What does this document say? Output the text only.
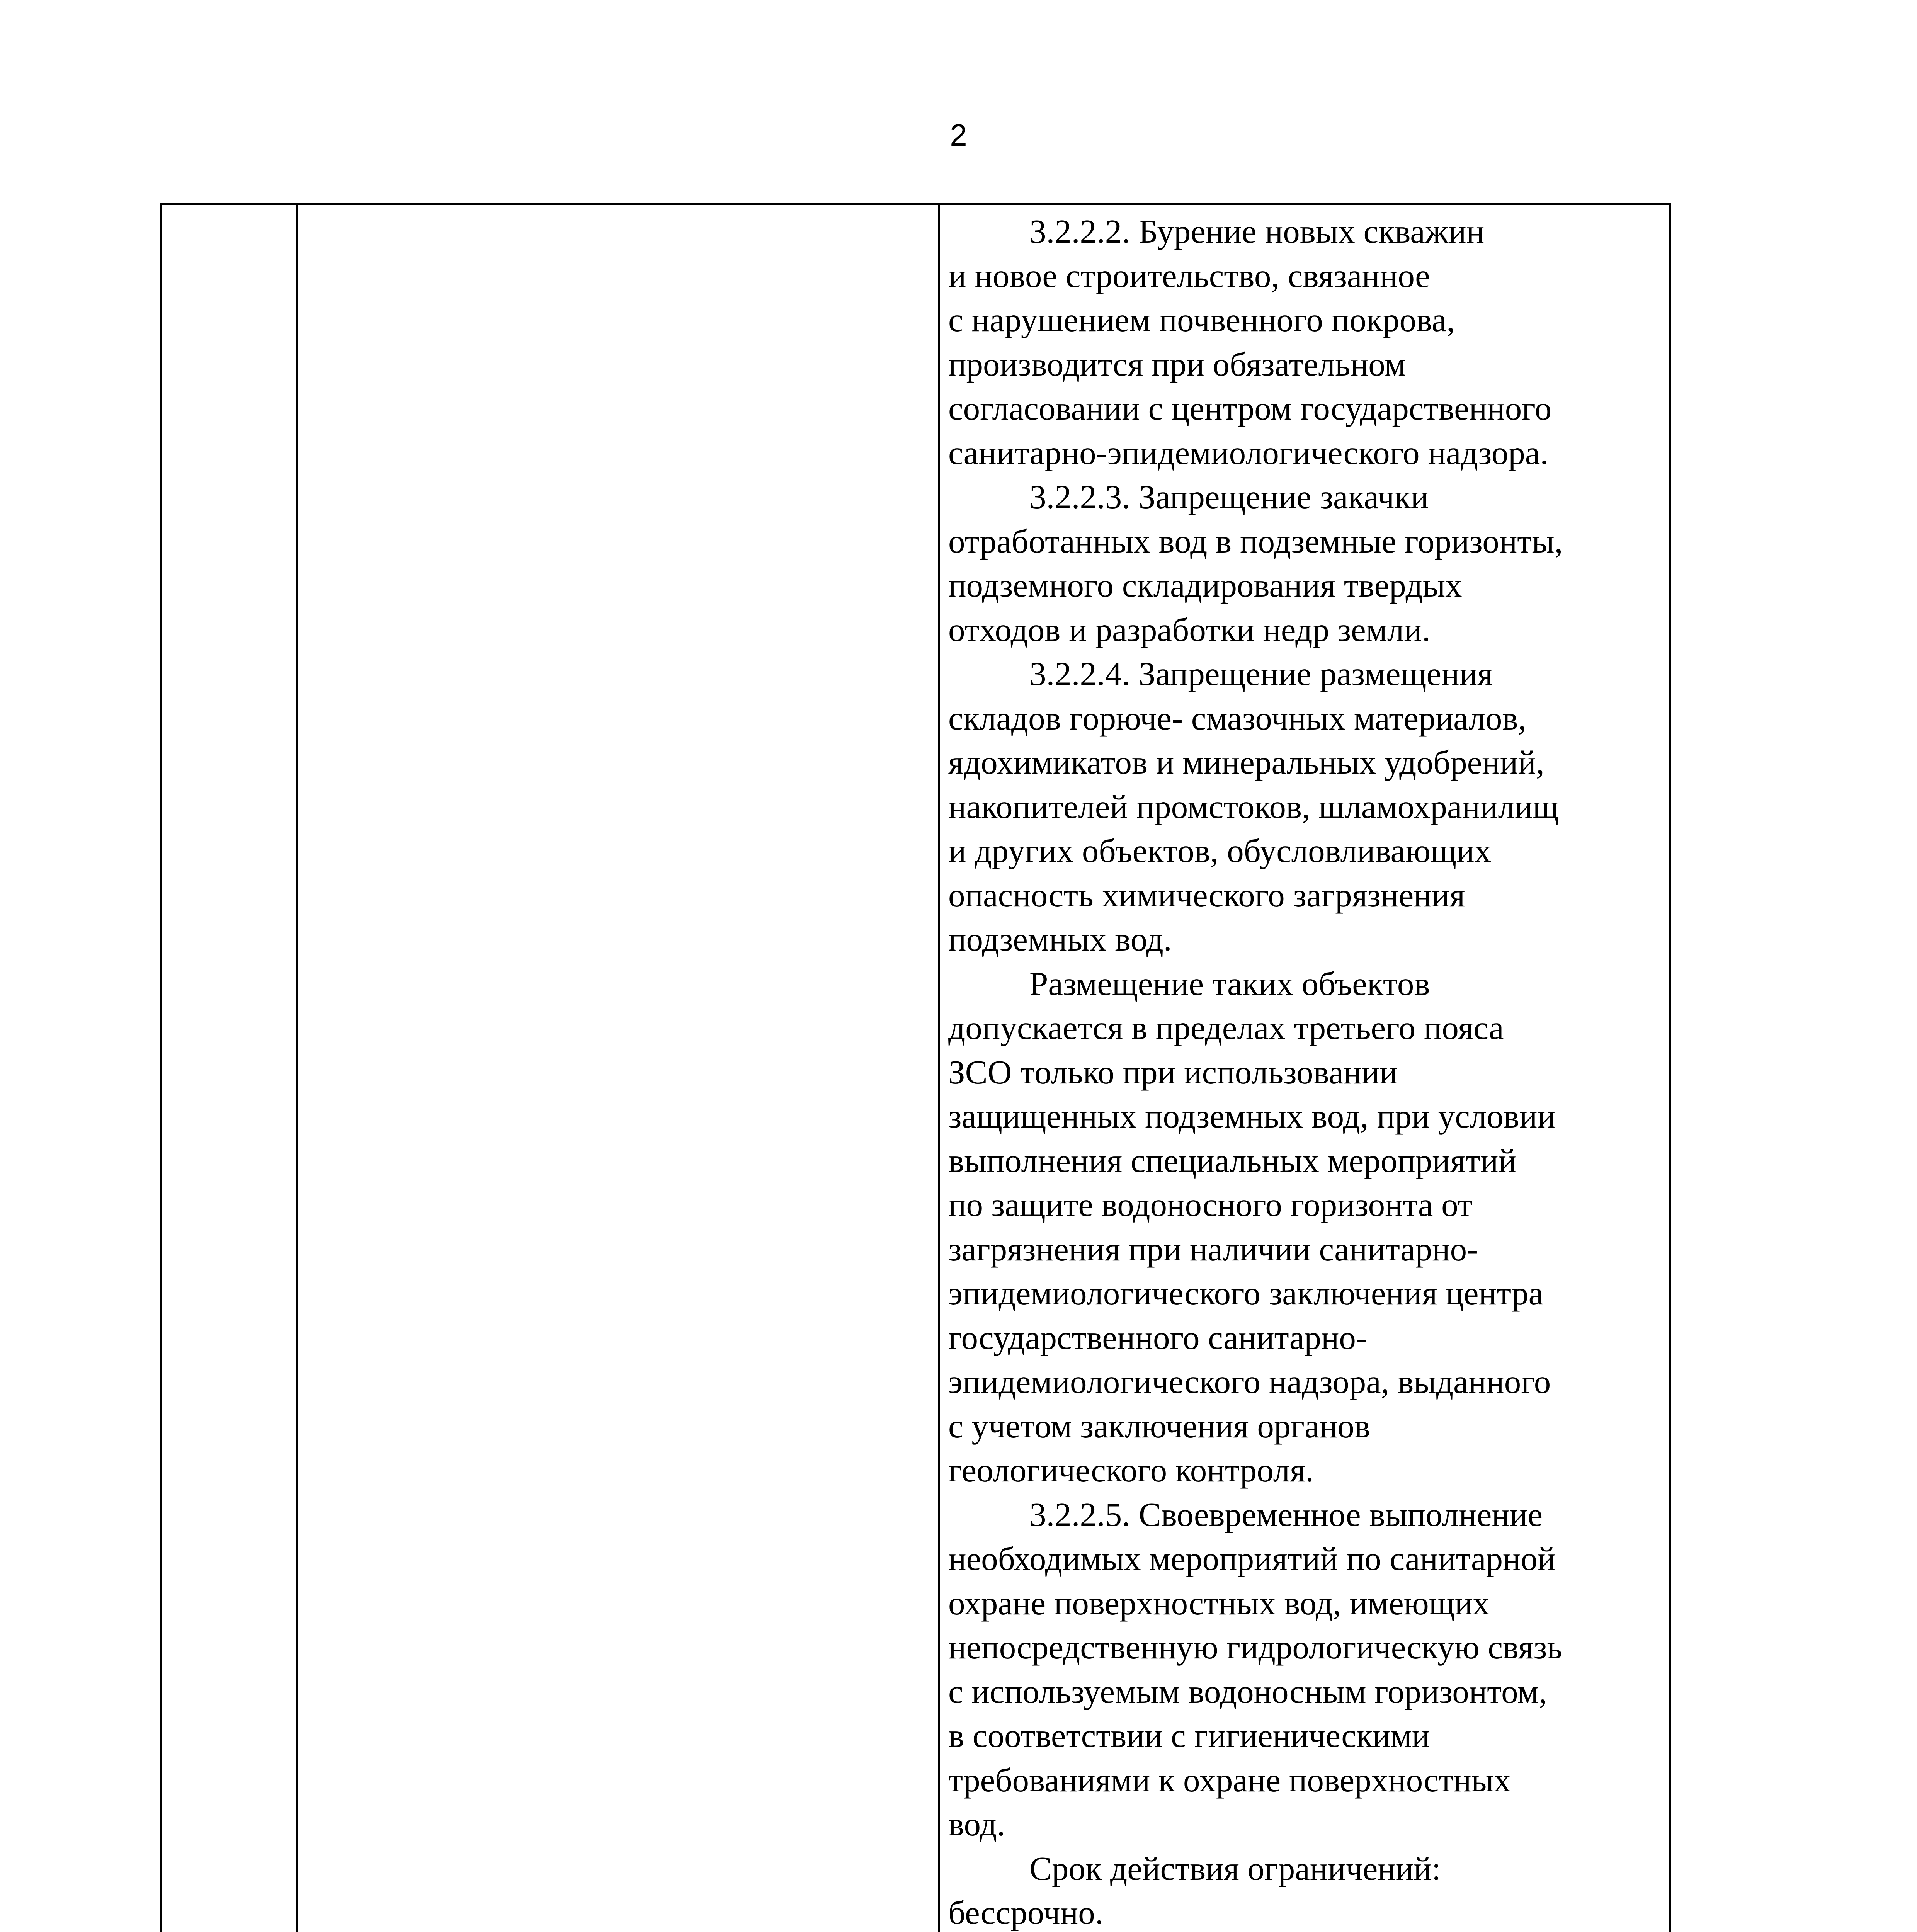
2

3.2.2.2. Бурение новых скважин
и новое строительство, связанное
с нарушением почвенного покрова,
производится при обязательном
согласовании с центром государственного
санитарно-эпидемиологического надзора.

3.2.2.3. Запрещение закачки
отработанных вод в подземные горизонты,
подземного складирования твердых
отходов и разработки недр земли.

3.2.2.4. Запрещение размещения
складов горюче- смазочных материалов,
ядохимикатов и минеральных удобрений,
накопителей промстоков, шламохранилищ
и других объектов, обусловливающих
опасность химического загрязнения
подземных вод.

Размещение таких объектов
допускается в пределах третьего пояса
ЗСО только при использовании
защищенных подземных вод, при условии
выполнения специальных мероприятий
по защите водоносного горизонта от
загрязнения при наличии санитарно-
эпидемиологического заключения центра
государственного санитарно-
эпидемиологического надзора, выданного
с учетом заключения органов
геологического контроля.

3.2.2.5. Своевременное выполнение
необходимых мероприятий по санитарной
охране поверхностных вод, имеющих
непосредственную гидрологическую связь
с используемым водоносным горизонтом,
в соответствии с гигиеническими
требованиями к охране поверхностных
вод.

Срок действия ограничений:
бессрочно.
